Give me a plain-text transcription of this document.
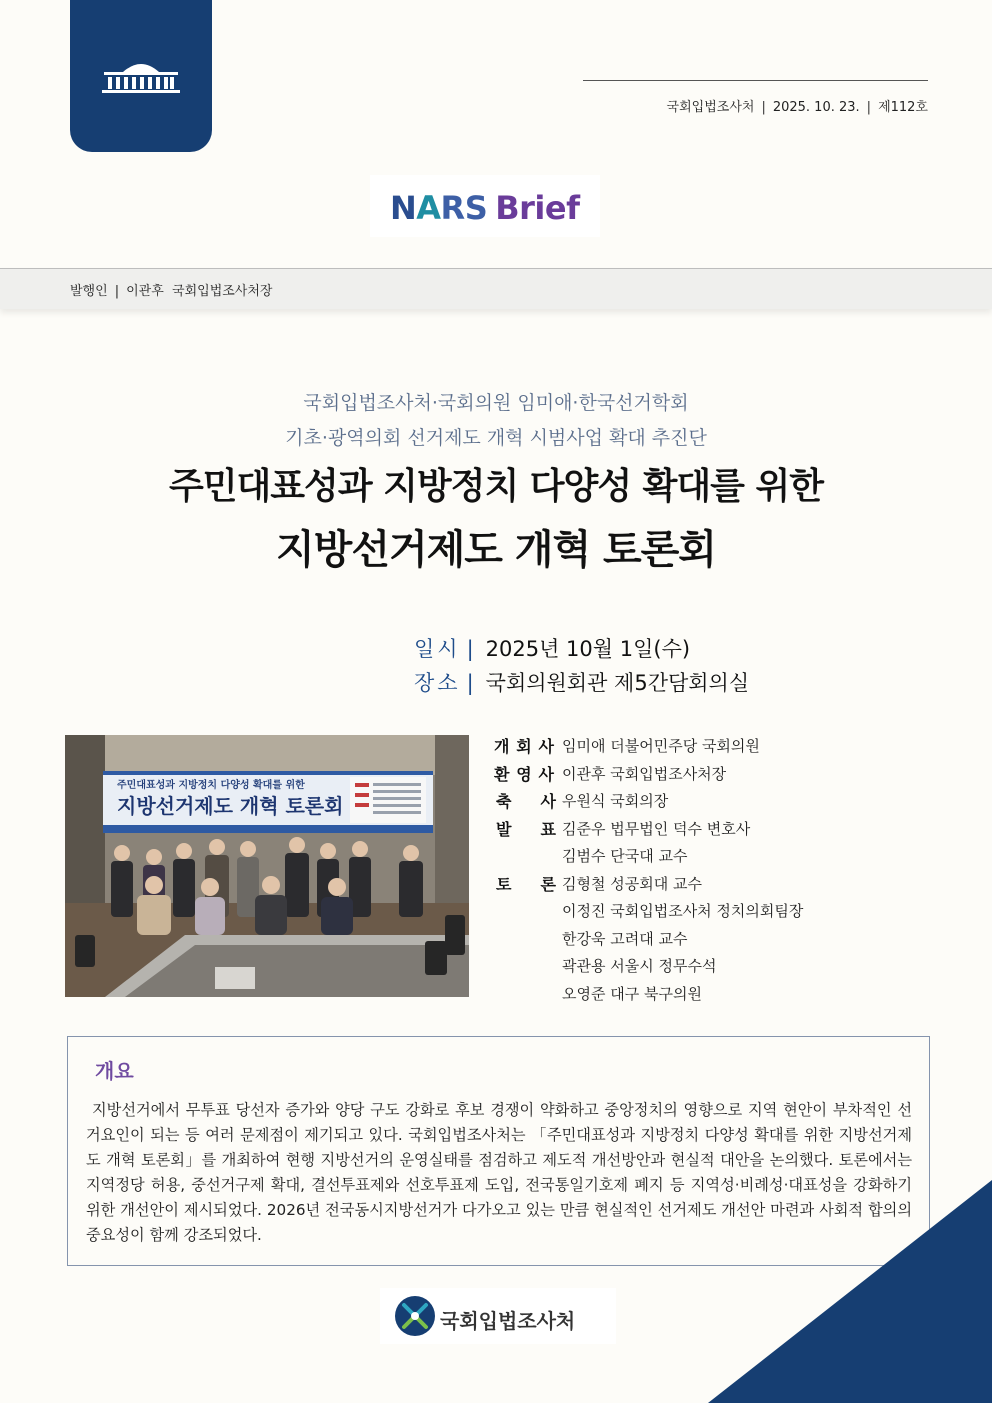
국회입법조사처 | 2025. 10. 23. | 제112호
NARS Brief
발행인 | 이관후  국회입법조사처장
국회입법조사처·국회의원 임미애·한국선거학회
기초·광역의회 선거제도 개혁 시범사업 확대 추진단
주민대표성과 지방정치 다양성 확대를 위한
지방선거제도 개혁 토론회
일시 | 2025년 10월 1일(수)
장소 | 국회의원회관 제5간담회의실
주민대표성과 지방정치 다양성 확대를 위한
지방선거제도 개혁 토론회
개 회 사 임미애 더불어민주당 국회의원
환 영 사 이관후 국회입법조사처장
축 사 우원식 국회의장
발 표 김준우 법무법인 덕수 변호사
김범수 단국대 교수
토 론 김형철 성공회대 교수
이정진 국회입법조사처 정치의회팀장
한강욱 고려대 교수
곽관용 서울시 정무수석
오영준 대구 북구의원
개요
지방선거에서 무투표 당선자 증가와 양당 구도 강화로 후보 경쟁이 약화하고 중앙정치의 영향으로 지역 현안이 부차적인 선거요인이 되는 등 여러 문제점이 제기되고 있다. 국회입법조사처는 「주민대표성과 지방정치 다양성 확대를 위한 지방선거제도 개혁 토론회」를 개최하여 현행 지방선거의 운영실태를 점검하고 제도적 개선방안과 현실적 대안을 논의했다. 토론에서는 지역정당 허용, 중선거구제 확대, 결선투표제와 선호투표제 도입, 전국통일기호제 폐지 등 지역성·비례성·대표성을 강화하기 위한 개선안이 제시되었다. 2026년 전국동시지방선거가 다가오고 있는 만큼 현실적인 선거제도 개선안 마련과 사회적 합의의 중요성이 함께 강조되었다.
국회입법조사처
